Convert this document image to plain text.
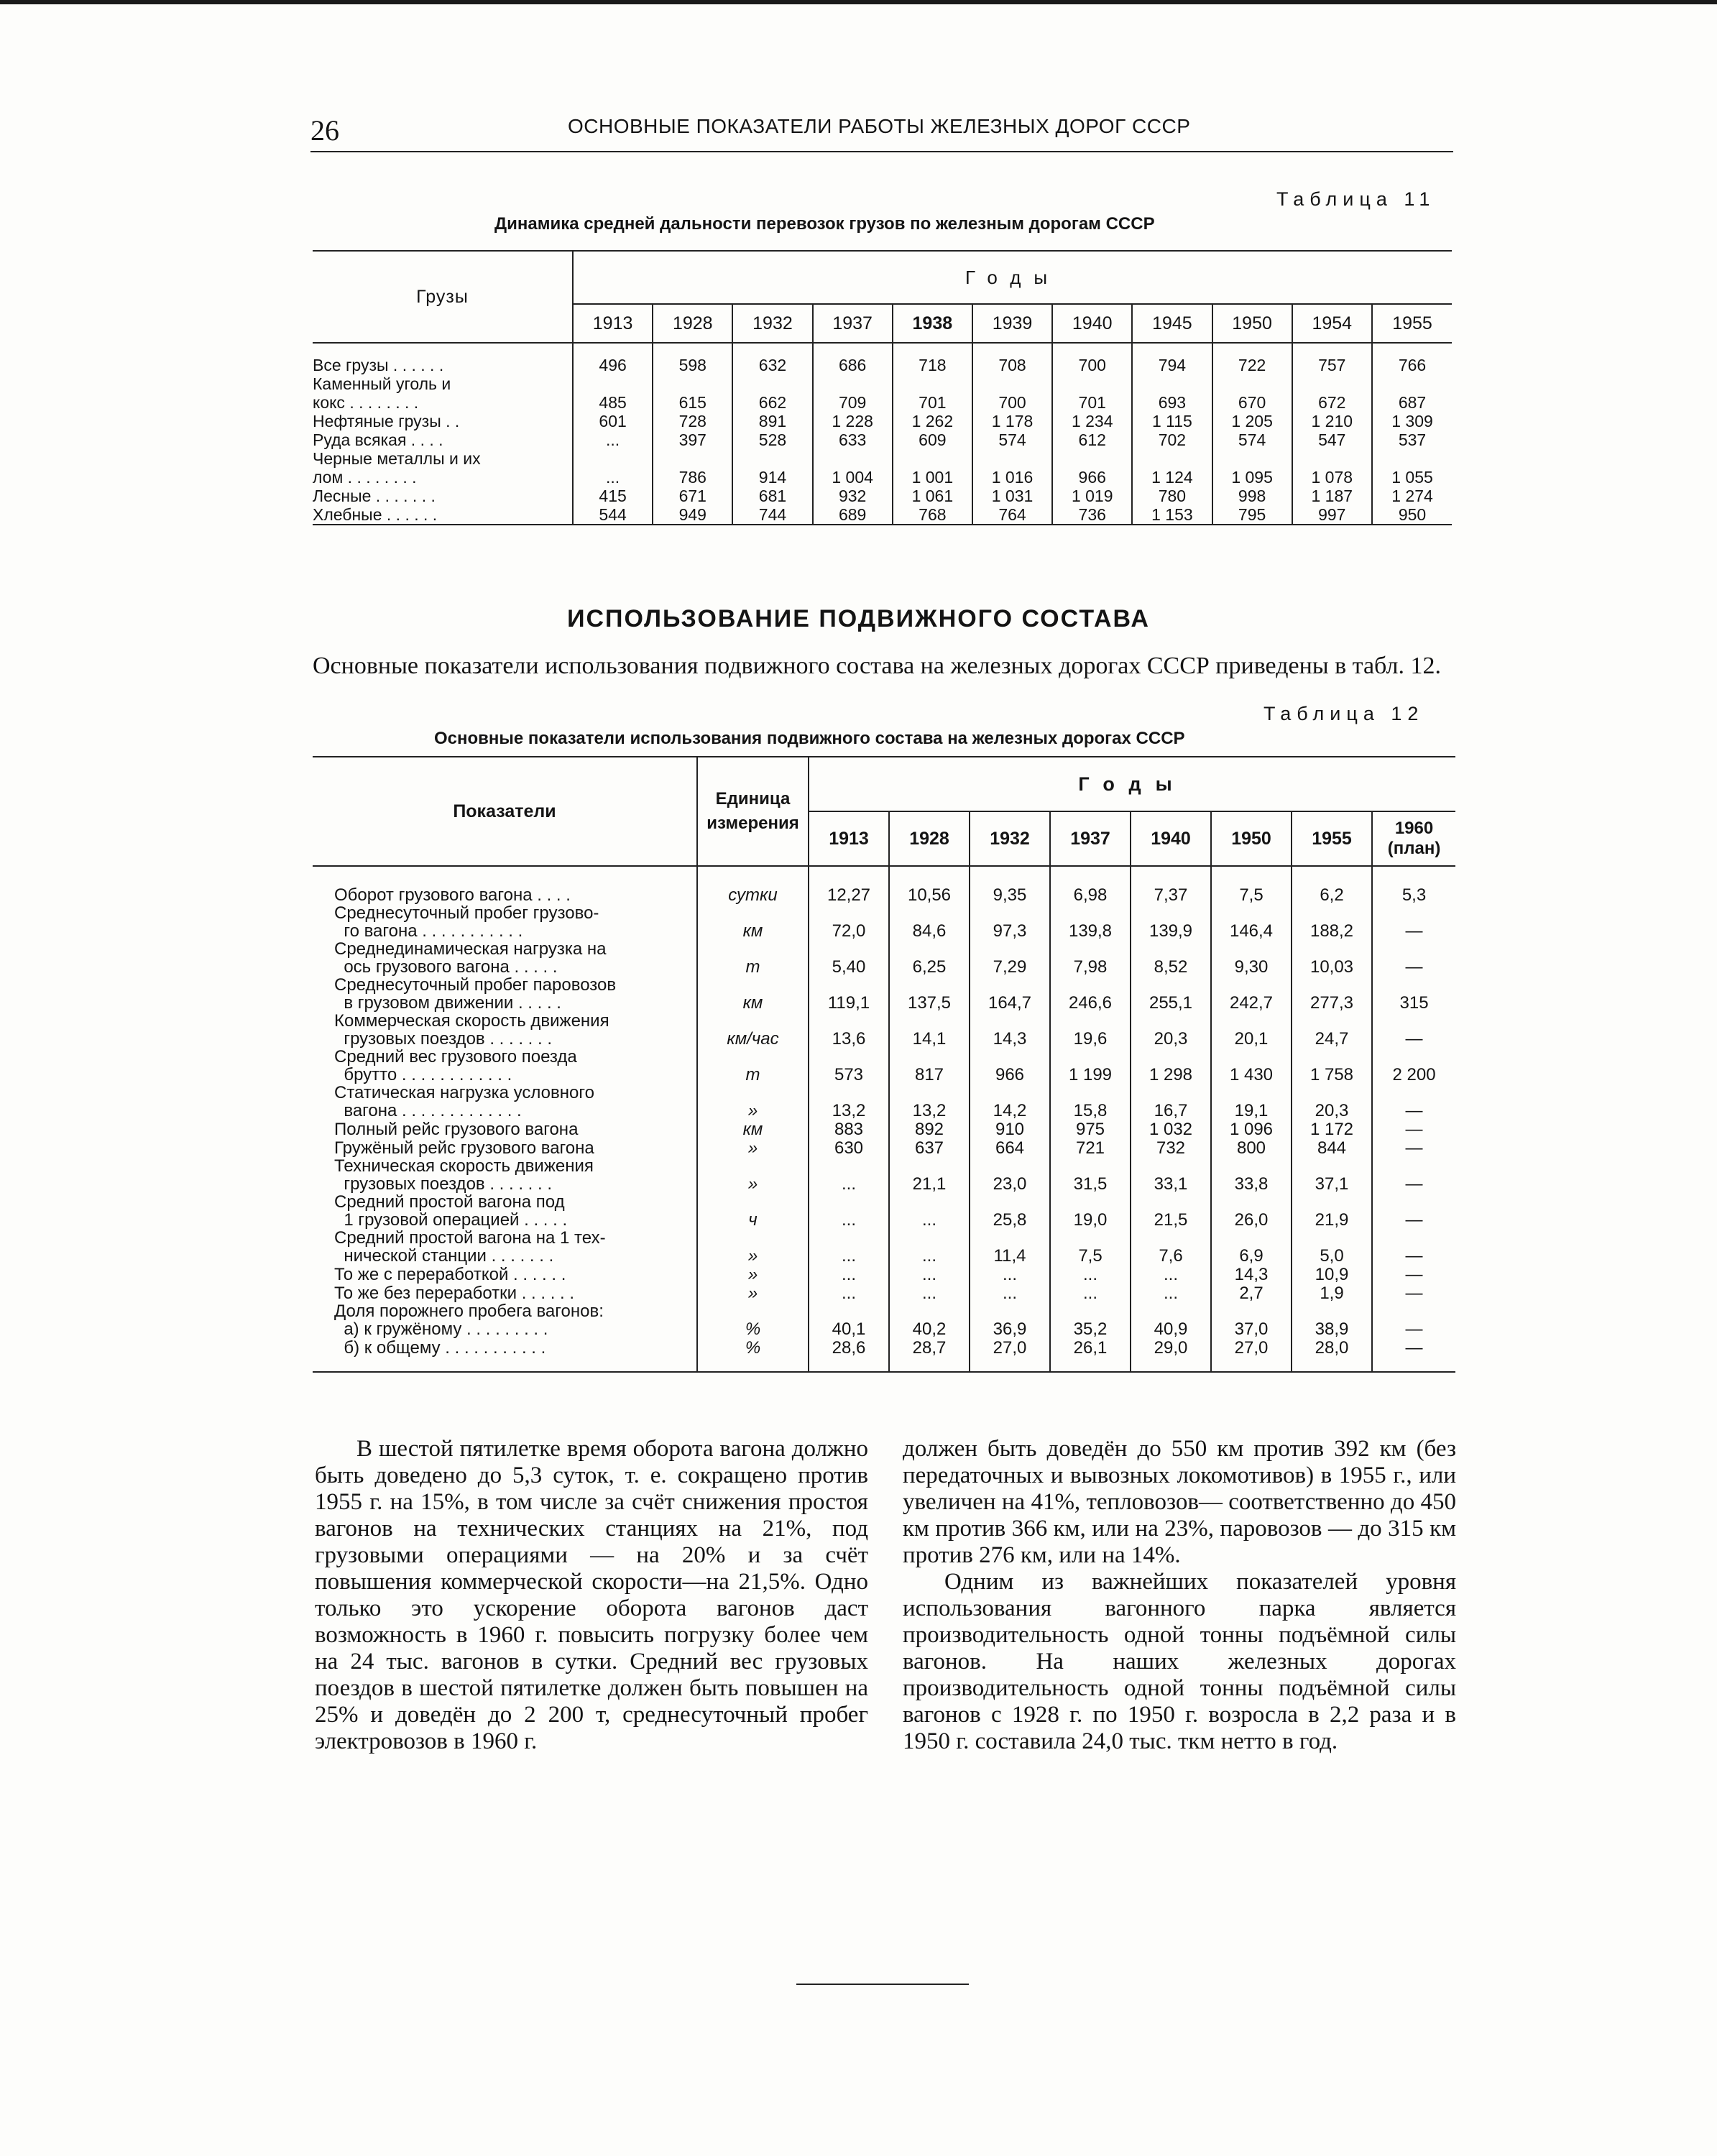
26	ОСНОВНЫЕ ПОКАЗАТЕЛИ РАБОТЫ ЖЕЛЕЗНЫХ ДОРОГ СССР
Таблица 11
Динамика средней дальности перевозок грузов по железным дорогам СССР
Грузы	Годы										
	1913	1928	1932	1937	1938	1939	1940	1945	1950	1954	1955

Все грузы . . . . . .	496	598	632	686	718	708	700	794	722	757	766
Каменный уголь и											
кокс . . . . . . . .	485	615	662	709	701	700	701	693	670	672	687
Нефтяные грузы . .	601	728	891	1 228	1 262	1 178	1 234	1 115	1 205	1 210	1 309
Руда всякая . . . .	...	397	528	633	609	574	612	702	574	547	537
Черные металлы и их											
лом . . . . . . . .	...	786	914	1 004	1 001	1 016	966	1 124	1 095	1 078	1 055
Лесные . . . . . . .	415	671	681	932	1 061	1 031	1 019	780	998	1 187	1 274
Хлебные . . . . . .	544	949	744	689	768	764	736	1 153	795	997	950
ИСПОЛЬЗОВАНИЕ ПОДВИЖНОГО СОСТАВА
Основные показатели использования подвижного состава на железных дорогах СССР приведены в табл. 12.
Таблица 12
Основные показатели использования подвижного состава на железных дорогах СССР
Показатели	Единица
измерения	Годы							
		1913	1928	1932	1937	1940	1950	1955	1960
(план)

Оборот грузового вагона . . . .	сутки	12,27	10,56	9,35	6,98	7,37	7,5	6,2	5,3
Среднесуточный пробег грузово-									
го вагона . . . . . . . . . . .	км	72,0	84,6	97,3	139,8	139,9	146,4	188,2	—
Среднединамическая нагрузка на									
ось грузового вагона . . . . .	т	5,40	6,25	7,29	7,98	8,52	9,30	10,03	—
Среднесуточный пробег паровозов									
в грузовом движении . . . . .	км	119,1	137,5	164,7	246,6	255,1	242,7	277,3	315
Коммерческая скорость движения									
грузовых поездов . . . . . . .	км/час	13,6	14,1	14,3	19,6	20,3	20,1	24,7	—
Средний вес грузового поезда									
брутто . . . . . . . . . . . .	т	573	817	966	1 199	1 298	1 430	1 758	2 200
Статическая нагрузка условного									
вагона . . . . . . . . . . . . .	»	13,2	13,2	14,2	15,8	16,7	19,1	20,3	—
Полный рейс грузового вагона	км	883	892	910	975	1 032	1 096	1 172	—
Гружёный рейс грузового вагона	»	630	637	664	721	732	800	844	—
Техническая скорость движения									
грузовых поездов . . . . . . .	»	...	21,1	23,0	31,5	33,1	33,8	37,1	—
Средний простой вагона под									
1 грузовой операцией . . . . .	ч	...	...	25,8	19,0	21,5	26,0	21,9	—
Средний простой вагона на 1 тех-									
нической станции . . . . . . .	»	...	...	11,4	7,5	7,6	6,9	5,0	—
То же с переработкой . . . . . .	»	...	...	...	...	...	14,3	10,9	—
То же без переработки . . . . . .	»	...	...	...	...	...	2,7	1,9	—
Доля порожнего пробега вагонов:									
а) к гружёному . . . . . . . . .	%	40,1	40,2	36,9	35,2	40,9	37,0	38,9	—
б) к общему . . . . . . . . . . .	%	28,6	28,7	27,0	26,1	29,0	27,0	28,0	—

В шестой пятилетке время оборота вагона должно быть доведено до 5,3 суток, т. е. сокращено против 1955 г. на 15%, в том числе за счёт снижения простоя вагонов на технических станциях на 21%, под грузовыми операциями — на 20% и за счёт повышения коммерческой скорости—на 21,5%. Одно только это ускорение оборота вагонов даст возможность в 1960 г. повысить погрузку более чем на 24 тыс. вагонов в сутки. Средний вес грузовых поездов в шестой пятилетке должен быть повышен на 25% и доведён до 2 200 т, среднесуточный пробег электровозов в 1960 г.

должен быть доведён до 550 км против 392 км (без передаточных и вывозных локомотивов) в 1955 г., или увеличен на 41%, тепловозов— соответственно до 450 км против 366 км, или на 23%, паровозов — до 315 км против 276 км, или на 14%.

Одним из важнейших показателей уровня использования вагонного парка является производительность одной тонны подъёмной силы вагонов. На наших железных дорогах производительность одной тонны подъёмной силы вагонов с 1928 г. по 1950 г. возросла в 2,2 раза и в 1950 г. составила 24,0 тыс. ткм нетто в год.
